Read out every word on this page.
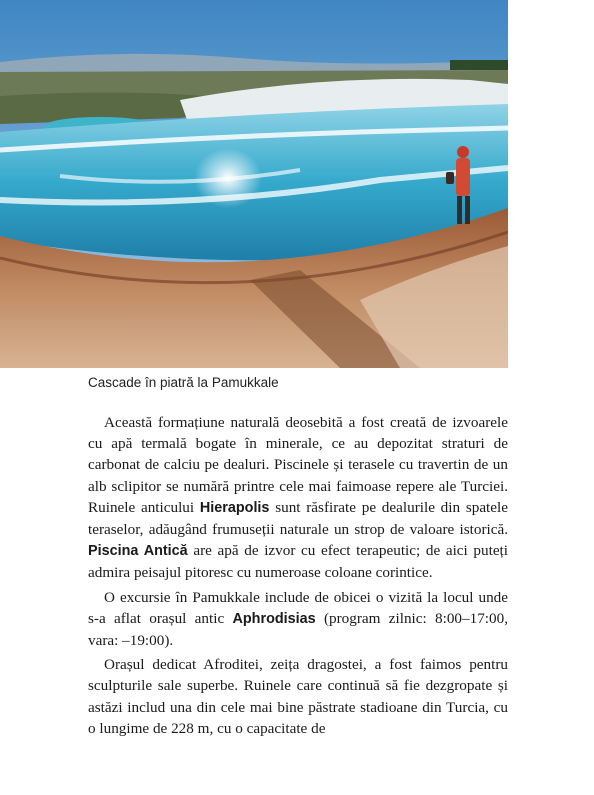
Cascade în piatră la Pamukkale

Această formațiune naturală deosebită a fost creată de izvoarele cu apă termală bogate în minerale, ce au depozitat straturi de carbonat de calciu pe dealuri. Piscinele și terasele cu travertin de un alb sclipitor se numără printre cele mai faimoase repere ale Turciei. Ruinele anticului Hierapolis sunt răsfirate pe dealurile din spatele teraselor, adăugând frumuseții naturale un strop de valoare istorică. Piscina Antică are apă de izvor cu efect terapeutic; de aici puteți admira peisajul pitoresc cu numeroase coloane corintice.

O excursie în Pamukkale include de obicei o vizită la locul unde s-a aflat orașul antic Aphrodisias (program zilnic: 8:00–17:00, vara: –19:00).

Orașul dedicat Afroditei, zeița dragostei, a fost faimos pentru sculpturile sale superbe. Ruinele care continuă să fie dezgropate și astăzi includ una din cele mai bine păstrate stadioane din Turcia, cu o lungime de 228 m, cu o capacitate de
